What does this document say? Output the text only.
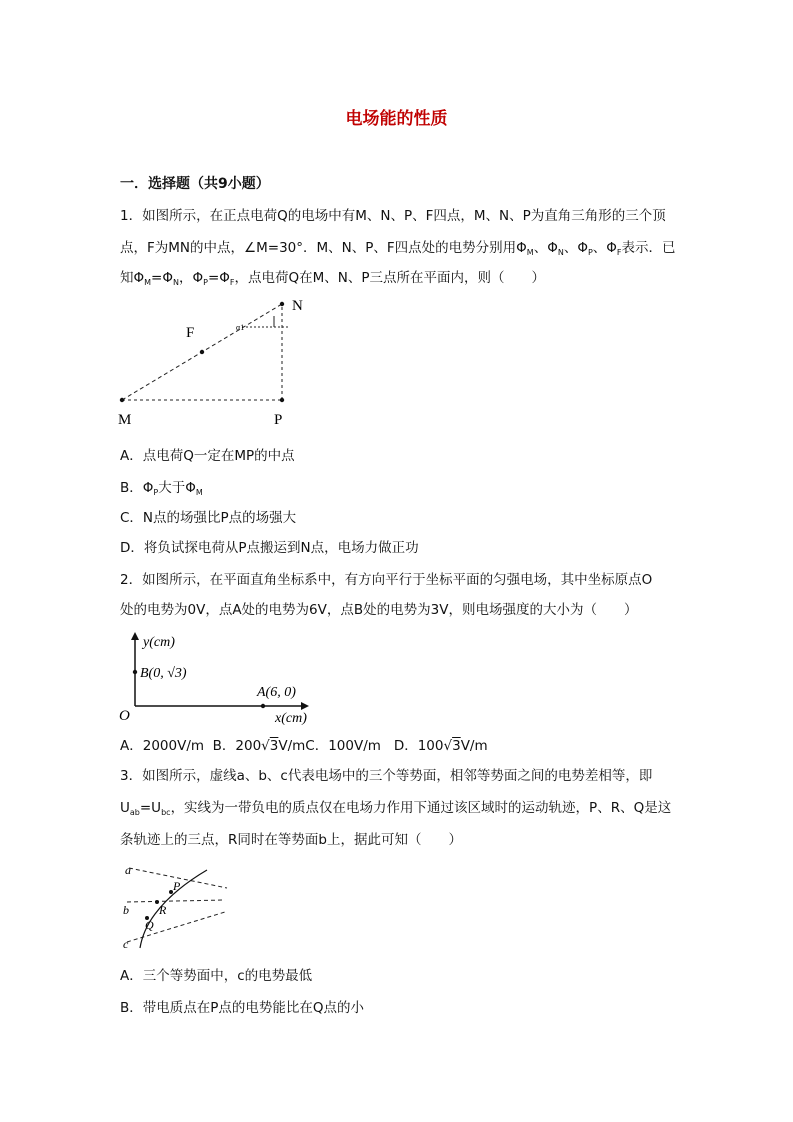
电场能的性质
一．选择题（共9小题）
1．如图所示，在正点电荷Q的电场中有M、N、P、F四点，M、N、P为直角三角形的三个顶
点，F为MN的中点，∠M=30°．M、N、P、F四点处的电势分别用$\Phi_M$、$\Phi_N$、$\Phi_P$、$\Phi_F$表示．已
知$\Phi_M=\Phi_N$，$\Phi_P=\Phi_F$，点电荷Q在M、N、P三点所在平面内，则（　　）
N
F
M	P
α1
A．点电荷Q一定在MP的中点
B．$\Phi_P$大于$\Phi_M$
C．N点的场强比P点的场强大
D．将负试探电荷从P点搬运到N点，电场力做正功
2．如图所示，在平面直角坐标系中，有方向平行于坐标平面的匀强电场，其中坐标原点O
处的电势为0V，点A处的电势为6V，点B处的电势为3V，则电场强度的大小为（　　）
y(cm)
x(cm)
O
B(0, √3)
A(6, 0)
A．2000V/m B．200√3V/mC．100V/m D．100√3V/m
3．如图所示，虚线a、b、c代表电场中的三个等势面，相邻等势面之间的电势差相等，即
$U_{ab}=U_{bc}$，实线为一带负电的质点仅在电场力作用下通过该区域时的运动轨迹，P、R、Q是这
条轨迹上的三点，R同时在等势面b上，据此可知（　　）
a
b
c
P
R
Q
A．三个等势面中，c的电势最低
B．带电质点在P点的电势能比在Q点的小
